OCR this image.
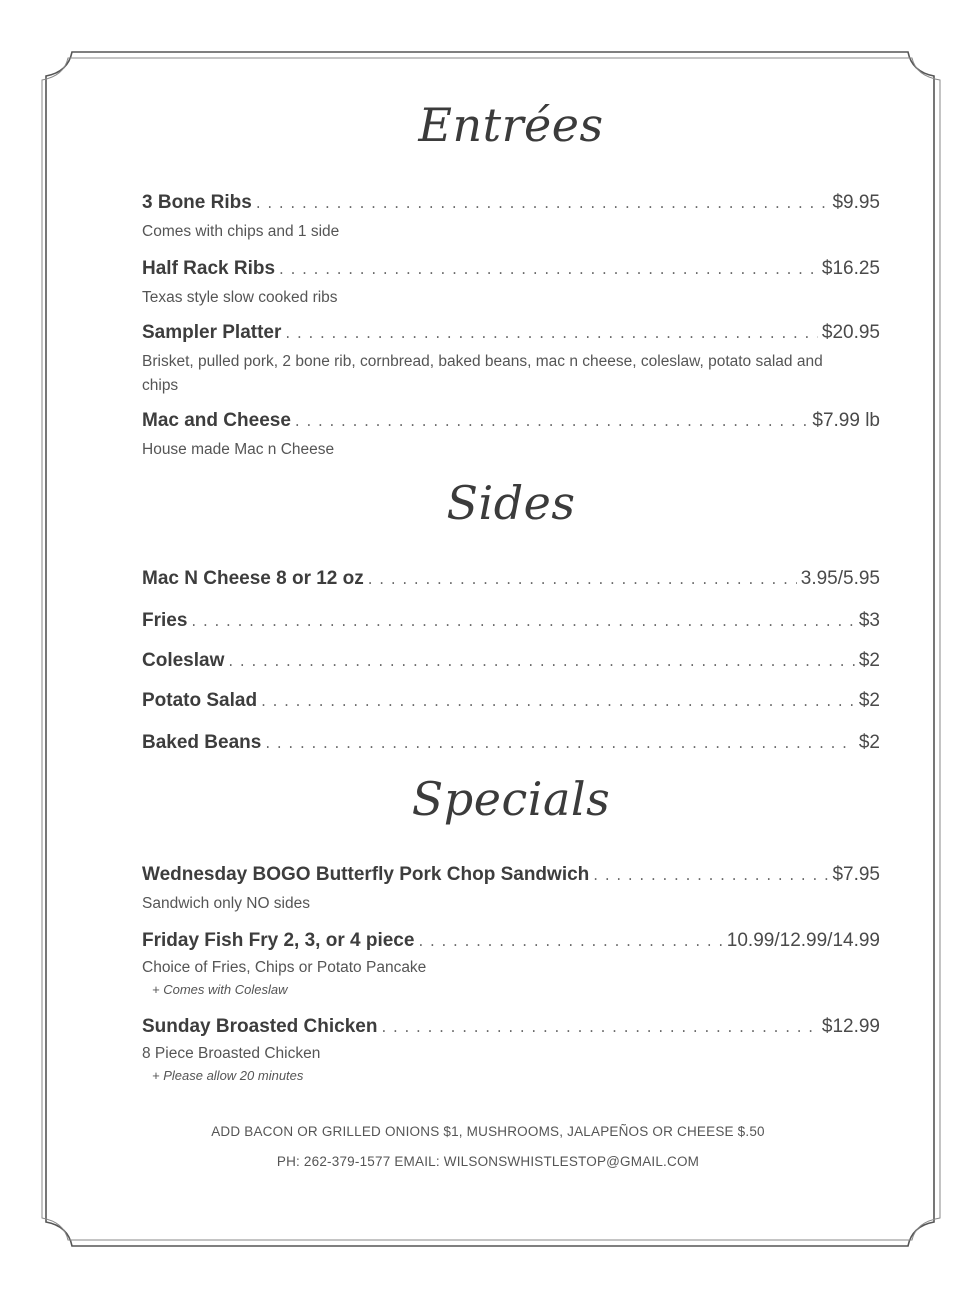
Entrées
3 Bone Ribs . . .	$9.95
Comes with chips and 1 side
Half Rack Ribs . . .	$16.25
Texas style slow cooked ribs
Sampler Platter . . .	$20.95
Brisket, pulled pork, 2 bone rib, cornbread, baked beans, mac n cheese, coleslaw, potato salad and chips
Mac and Cheese . . .	$7.99 lb
House made Mac n Cheese
Sides
Mac N Cheese 8 or 12 oz . . .	3.95/5.95
Fries . . .	$3
Coleslaw . . .	$2
Potato Salad . . .	$2
Baked Beans . . .	$2
Specials
Wednesday BOGO Butterfly Pork Chop Sandwich . . .	$7.95
Sandwich only NO sides
Friday Fish Fry 2, 3, or 4 piece . . .	10.99/12.99/14.99
Choice of Fries, Chips or Potato Pancake
+ Comes with Coleslaw
Sunday Broasted Chicken . . .	$12.99
8 Piece Broasted Chicken
+ Please allow 20 minutes
ADD BACON OR GRILLED ONIONS $1, MUSHROOMS, JALAPEÑOS OR CHEESE $.50
PH: 262-379-1577 EMAIL: WILSONSWHISTLESTOP@GMAIL.COM
